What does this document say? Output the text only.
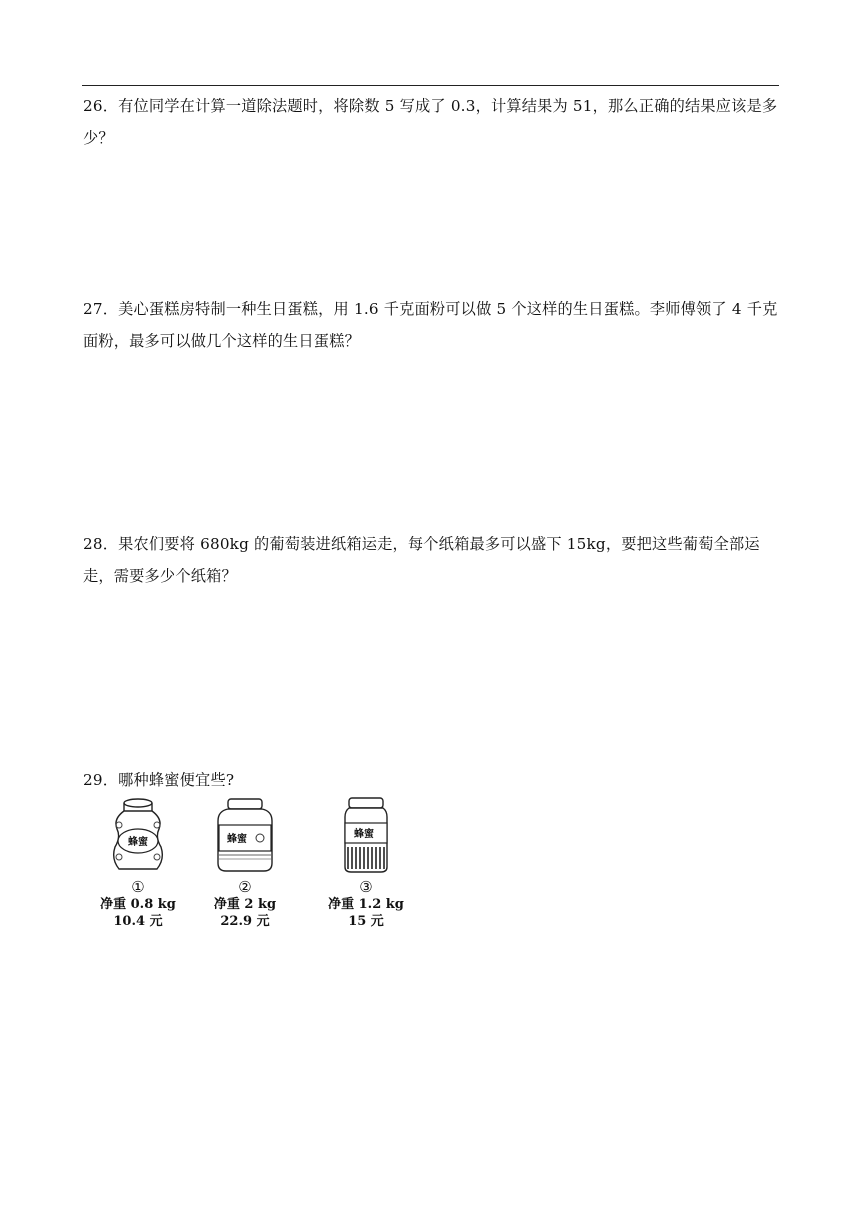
26．有位同学在计算一道除法题时，将除数 5 写成了 0.3，计算结果为 51，那么正确的结果应该是多少？
27．美心蛋糕房特制一种生日蛋糕，用 1.6 千克面粉可以做 5 个这样的生日蛋糕。李师傅领了 4 千克面粉，最多可以做几个这样的生日蛋糕？
28．果农们要将 680kg 的葡萄装进纸箱运走，每个纸箱最多可以盛下 15kg，要把这些葡萄全部运走，需要多少个纸箱？
29．哪种蜂蜜便宜些?
蜂蜜
①
净重 0.8 kg
10.4 元
蜂蜜
②
净重 2 kg
22.9 元
蜂蜜
③
净重 1.2 kg
15 元
